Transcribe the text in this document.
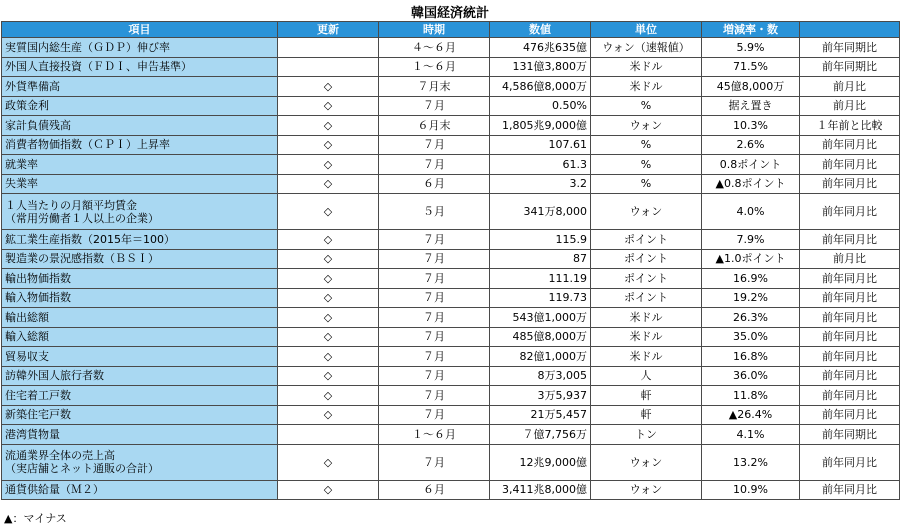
韓国経済統計
項目	更新	時期	数値	単位	増減率・数	

実質国内総生産（ＧＤＰ）伸び率		４～６月	476兆635億	ウォン（速報値）	5.9%	前年同期比

外国人直接投資（ＦＤＩ、申告基準）		１～６月	131億3,800万	米ドル	71.5%	前年同期比

外貨準備高	◇	７月末	4,586億8,000万	米ドル	45億8,000万	前月比

政策金利	◇	７月	0.50%	%	据え置き	前月比

家計負債残高	◇	６月末	1,805兆9,000億	ウォン	10.3%	１年前と比較

消費者物価指数（ＣＰＩ）上昇率	◇	７月	107.61	%	2.6%	前年同月比

就業率	◇	７月	61.3	%	0.8ポイント	前年同月比

失業率	◇	６月	3.2	%	▲0.8ポイント	前年同月比

１人当たりの月額平均賃金
（常用労働者１人以上の企業）	◇	５月	341万8,000	ウォン	4.0%	前年同月比

鉱工業生産指数（2015年＝100）	◇	７月	115.9	ポイント	7.9%	前年同月比

製造業の景況感指数（ＢＳＩ）	◇	７月	87	ポイント	▲1.0ポイント	前月比

輸出物価指数	◇	７月	111.19	ポイント	16.9%	前年同月比

輸入物価指数	◇	７月	119.73	ポイント	19.2%	前年同月比

輸出総額	◇	７月	543億1,000万	米ドル	26.3%	前年同月比

輸入総額	◇	７月	485億8,000万	米ドル	35.0%	前年同月比

貿易収支	◇	７月	82億1,000万	米ドル	16.8%	前年同月比

訪韓外国人旅行者数	◇	７月	8万3,005	人	36.0%	前年同月比

住宅着工戸数	◇	７月	3万5,937	軒	11.8%	前年同月比

新築住宅戸数	◇	７月	21万5,457	軒	▲26.4%	前年同月比

港湾貨物量		１～６月	７億7,756万	トン	4.1%	前年同期比

流通業界全体の売上高
（実店舗とネット通販の合計）	◇	７月	12兆9,000億	ウォン	13.2%	前年同月比

通貨供給量（Ｍ２）	◇	６月	3,411兆8,000億	ウォン	10.9%	前年同月比
▲：マイナス
